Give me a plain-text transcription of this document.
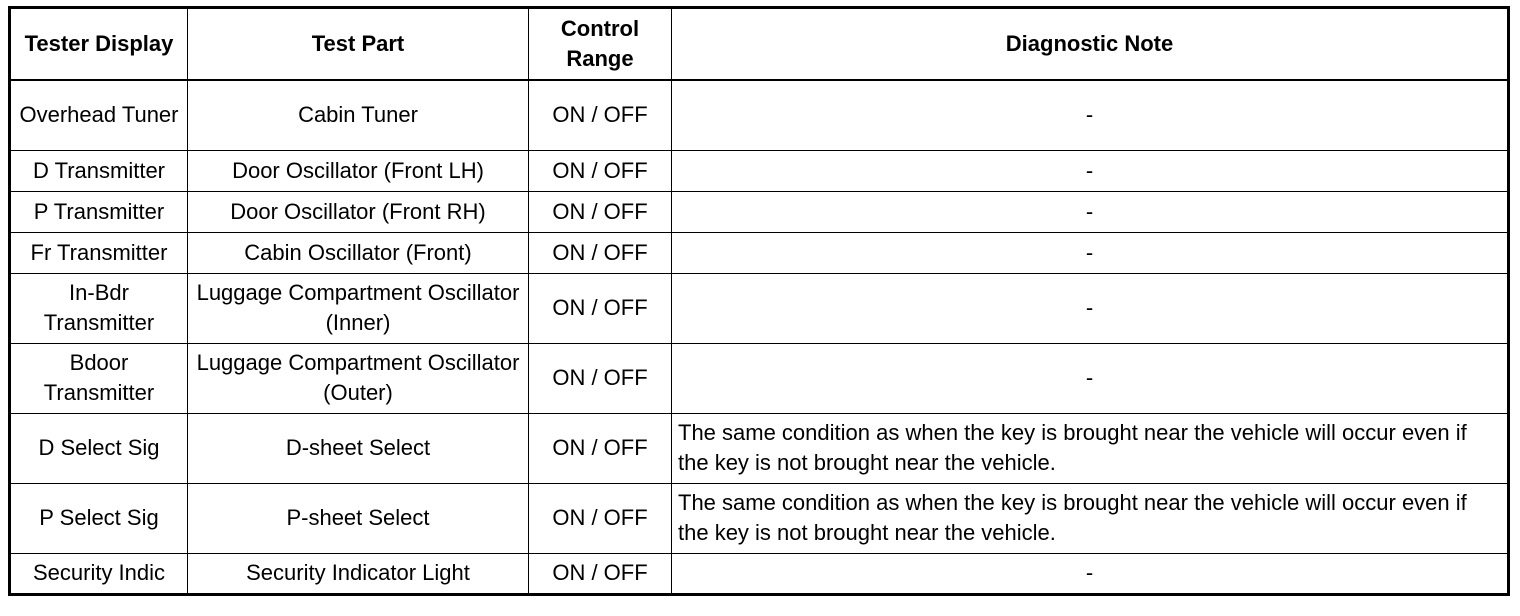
Tester Display	Test Part	Control Range	Diagnostic Note
Overhead Tuner	Cabin Tuner	ON / OFF	-
D Transmitter	Door Oscillator (Front LH)	ON / OFF	-
P Transmitter	Door Oscillator (Front RH)	ON / OFF	-
Fr Transmitter	Cabin Oscillator (Front)	ON / OFF	-
In-Bdr Transmitter	Luggage Compartment Oscillator (Inner)	ON / OFF	-
Bdoor Transmitter	Luggage Compartment Oscillator (Outer)	ON / OFF	-
D Select Sig	D-sheet Select	ON / OFF	The same condition as when the key is brought near the vehicle will occur even if the key is not brought near the vehicle.
P Select Sig	P-sheet Select	ON / OFF	The same condition as when the key is brought near the vehicle will occur even if the key is not brought near the vehicle.
Security Indic	Security Indicator Light	ON / OFF	-
